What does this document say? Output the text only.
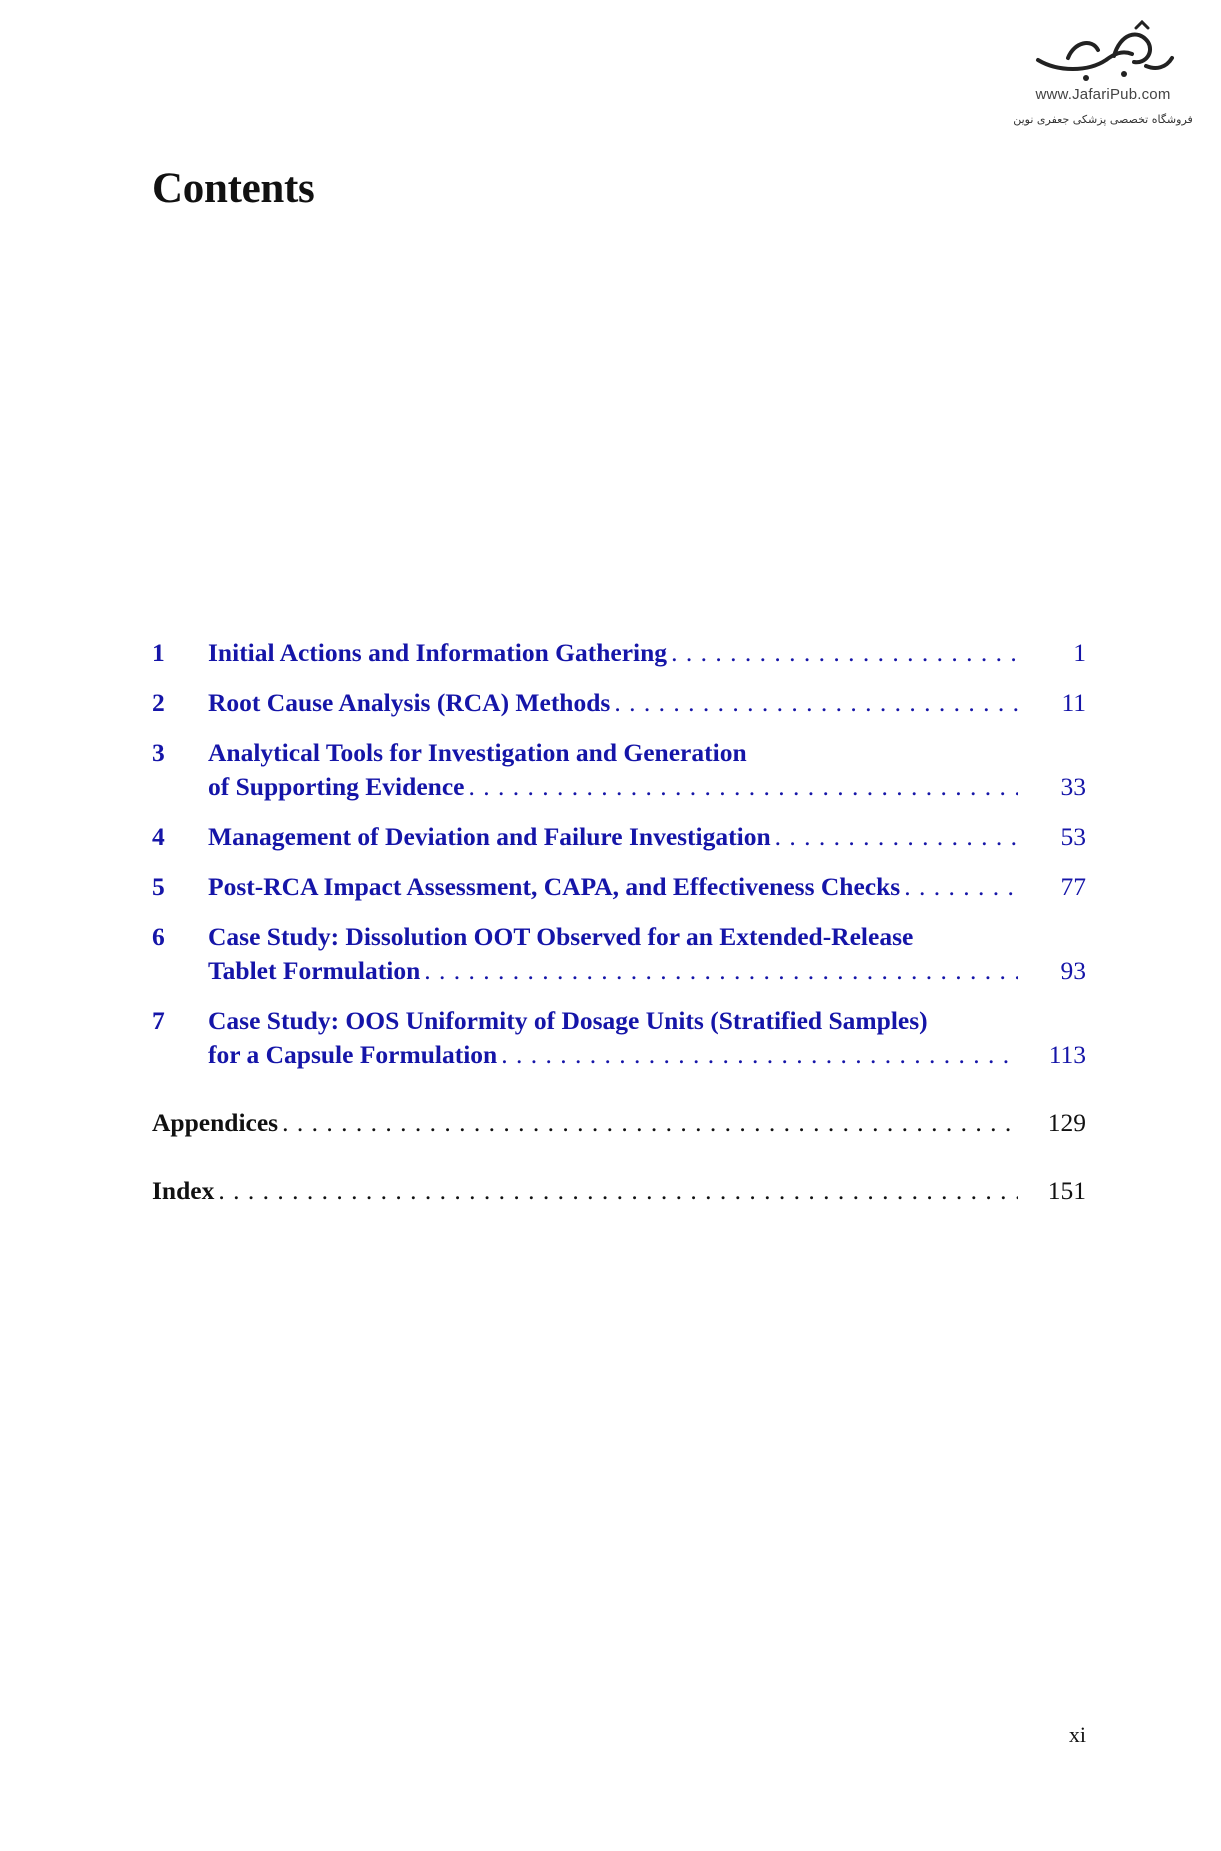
www.JafariPub.com
فروشگاه تخصصی پزشکی جعفری نوین
Contents
1	Initial Actions and Information Gathering . . .	1
2	Root Cause Analysis (RCA) Methods . . .	11
3	Analytical Tools for Investigation and Generation
of Supporting Evidence . . .	33
4	Management of Deviation and Failure Investigation . . .	53
5	Post-RCA Impact Assessment, CAPA, and Effectiveness Checks . . .	77
6	Case Study: Dissolution OOT Observed for an Extended-Release
Tablet Formulation . . .	93
7	Case Study: OOS Uniformity of Dosage Units (Stratified Samples)
for a Capsule Formulation . . .	113
Appendices . . .	129
Index . . .	151
xi
